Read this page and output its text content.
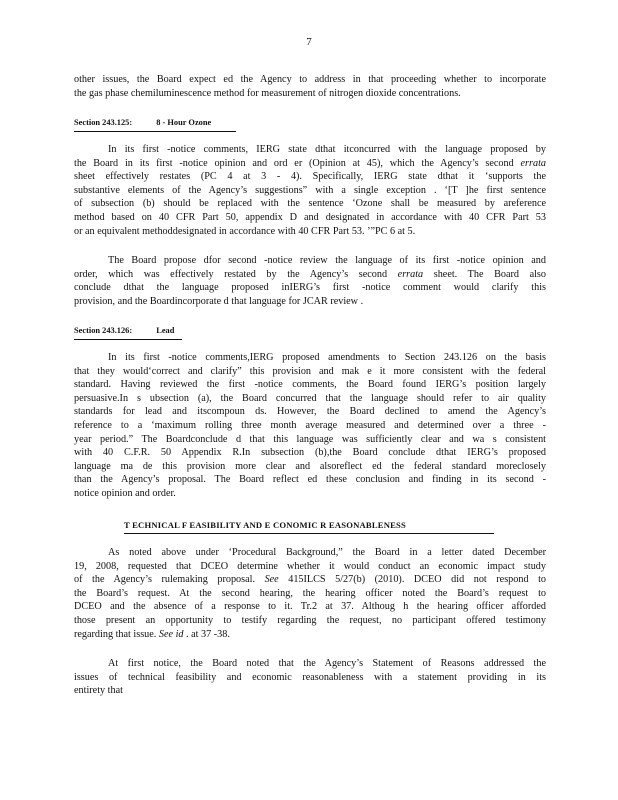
7
other issues, the Board expect ed the Agency to address in that proceeding whether to incorporate
the gas phase chemiluminescence method for measurement of nitrogen dioxide concentrations.
Section 243.125:	8 - Hour Ozone
In its first -notice comments, IERG state dthat itconcurred with the language proposed by
the Board in its first -notice opinion and ord er (Opinion at 45), which the Agency’s second errata
sheet effectively restates (PC 4 at 3 - 4). Specifically, IERG state dthat it ‘supports the
substantive elements of the Agency’s suggestions” with a single exception . ‘[T ]he first sentence
of subsection (b) should be replaced with the sentence ‘Ozone shall be measured by areference
method based on 40 CFR Part 50, appendix D and designated in accordance with 40 CFR Part 53
or an equivalent methoddesignated in accordance with 40 CFR Part 53. ’”PC 6 at 5.
The Board propose dfor second -notice review the language of its first -notice opinion and
order, which was effectively restated by the Agency’s second errata sheet. The Board also
conclude dthat the language proposed inIERG’s first -notice comment would clarify this
provision, and the Boardincorporate d that language for JCAR review .
Section 243.126:	Lead
In its first -notice comments,IERG proposed amendments to Section 243.126 on the basis
that they would‘correct and clarify” this provision and mak e it more consistent with the federal
standard. Having reviewed the first -notice comments, the Board found IERG’s position largely
persuasive.In s ubsection (a), the Board concurred that the language should refer to air quality
standards for lead and itscompoun ds. However, the Board declined to amend the Agency’s
reference to a ‘maximum rolling three month average measured and determined over a three -
year period.” The Boardconclude d that this language was sufficiently clear and wa s consistent
with 40 C.F.R. 50 Appendix R.In subsection (b),the Board conclude dthat IERG’s proposed
language ma de this provision more clear and alsoreflect ed the federal standard moreclosely
than the Agency’s proposal. The Board reflect ed these conclusion and finding in its second -
notice opinion and order.
T ECHNICAL F EASIBILITY AND E CONOMIC R EASONABLENESS
As noted above under ‘Procedural Background,” the Board in a letter dated December
19, 2008, requested that DCEO determine whether it would conduct an economic impact study
of the Agency’s rulemaking proposal. See 415ILCS 5/27(b) (2010). DCEO did not respond to
the Board’s request. At the second hearing, the hearing officer noted the Board’s request to
DCEO and the absence of a response to it. Tr.2 at 37. Althoug h the hearing officer afforded
those present an opportunity to testify regarding the request, no participant offered testimony
regarding that issue. See id . at 37 -38.
At first notice, the Board noted that the Agency’s Statement of Reasons addressed the
issues of technical feasibility and economic reasonableness with a statement providing in its
entirety that
